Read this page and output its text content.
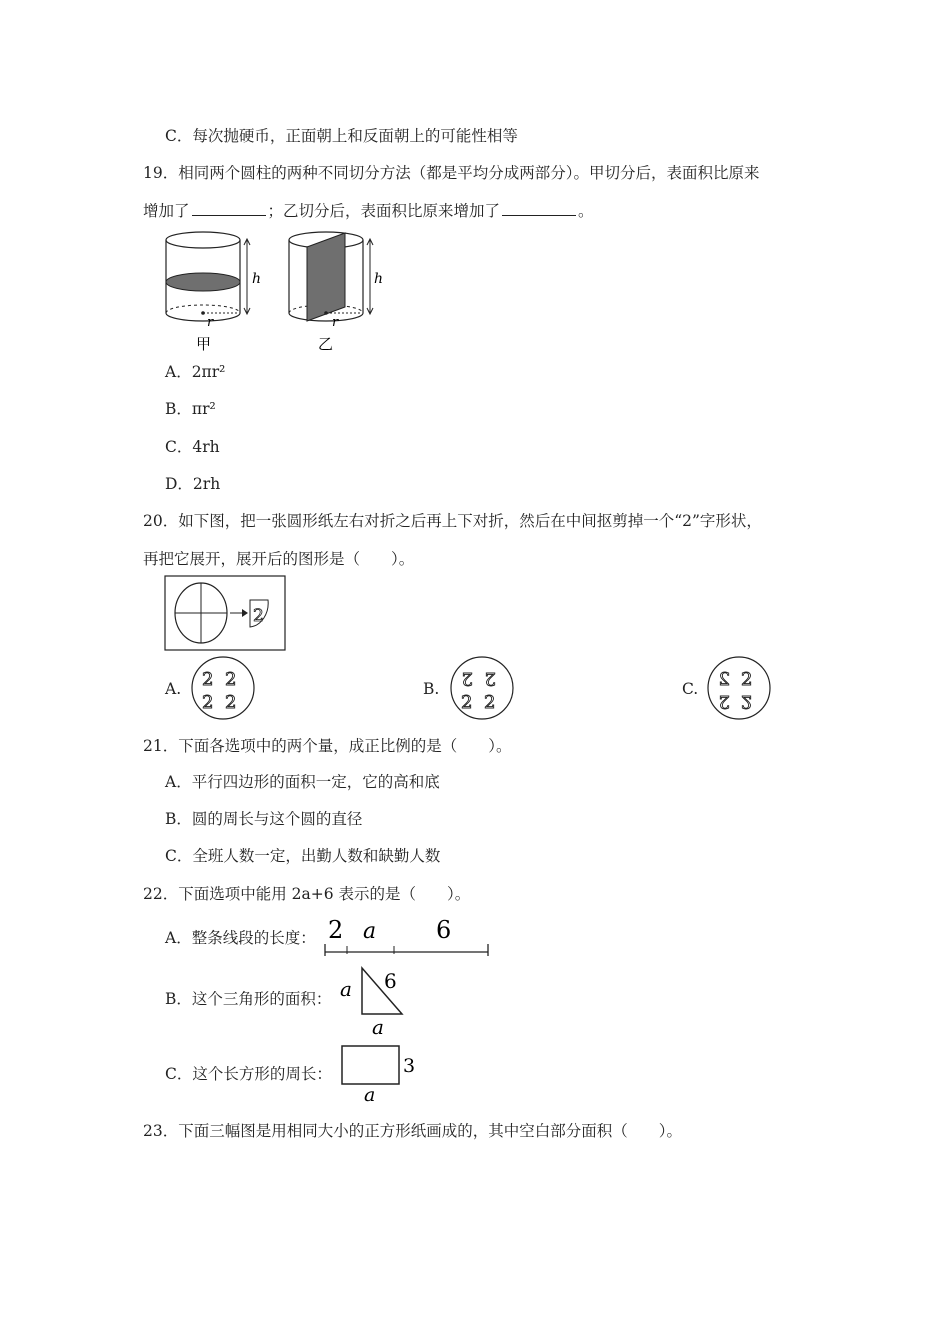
C．每次抛硬币，正面朝上和反面朝上的可能性相等
19．相同两个圆柱的两种不同切分方法（都是平均分成两部分）。甲切分后，表面积比原来
增加了	；乙切分后，表面积比原来增加了	。
r
h
甲
r
h
乙
A．2πr²
B．πr²
C．4rh
D．2rh
20．如下图，把一张圆形纸左右对折之后再上下对折，然后在中间抠剪掉一个“2”字形状，
再把它展开，展开后的图形是（　　）。
2
A. 2 2
2 2
B. 2 2
2 2
C. 2 2
2 2
21．下面各选项中的两个量，成正比例的是（　　）。
A．平行四边形的面积一定，它的高和底
B．圆的周长与这个圆的直径
C．全班人数一定，出勤人数和缺勤人数
22．下面选项中能用 2a+6 表示的是（　　）。
A．整条线段的长度： 2 a 6
B．这个三角形的面积： a 6
a
C．这个长方形的周长：	3
a
23．下面三幅图是用相同大小的正方形纸画成的，其中空白部分面积（　　）。
